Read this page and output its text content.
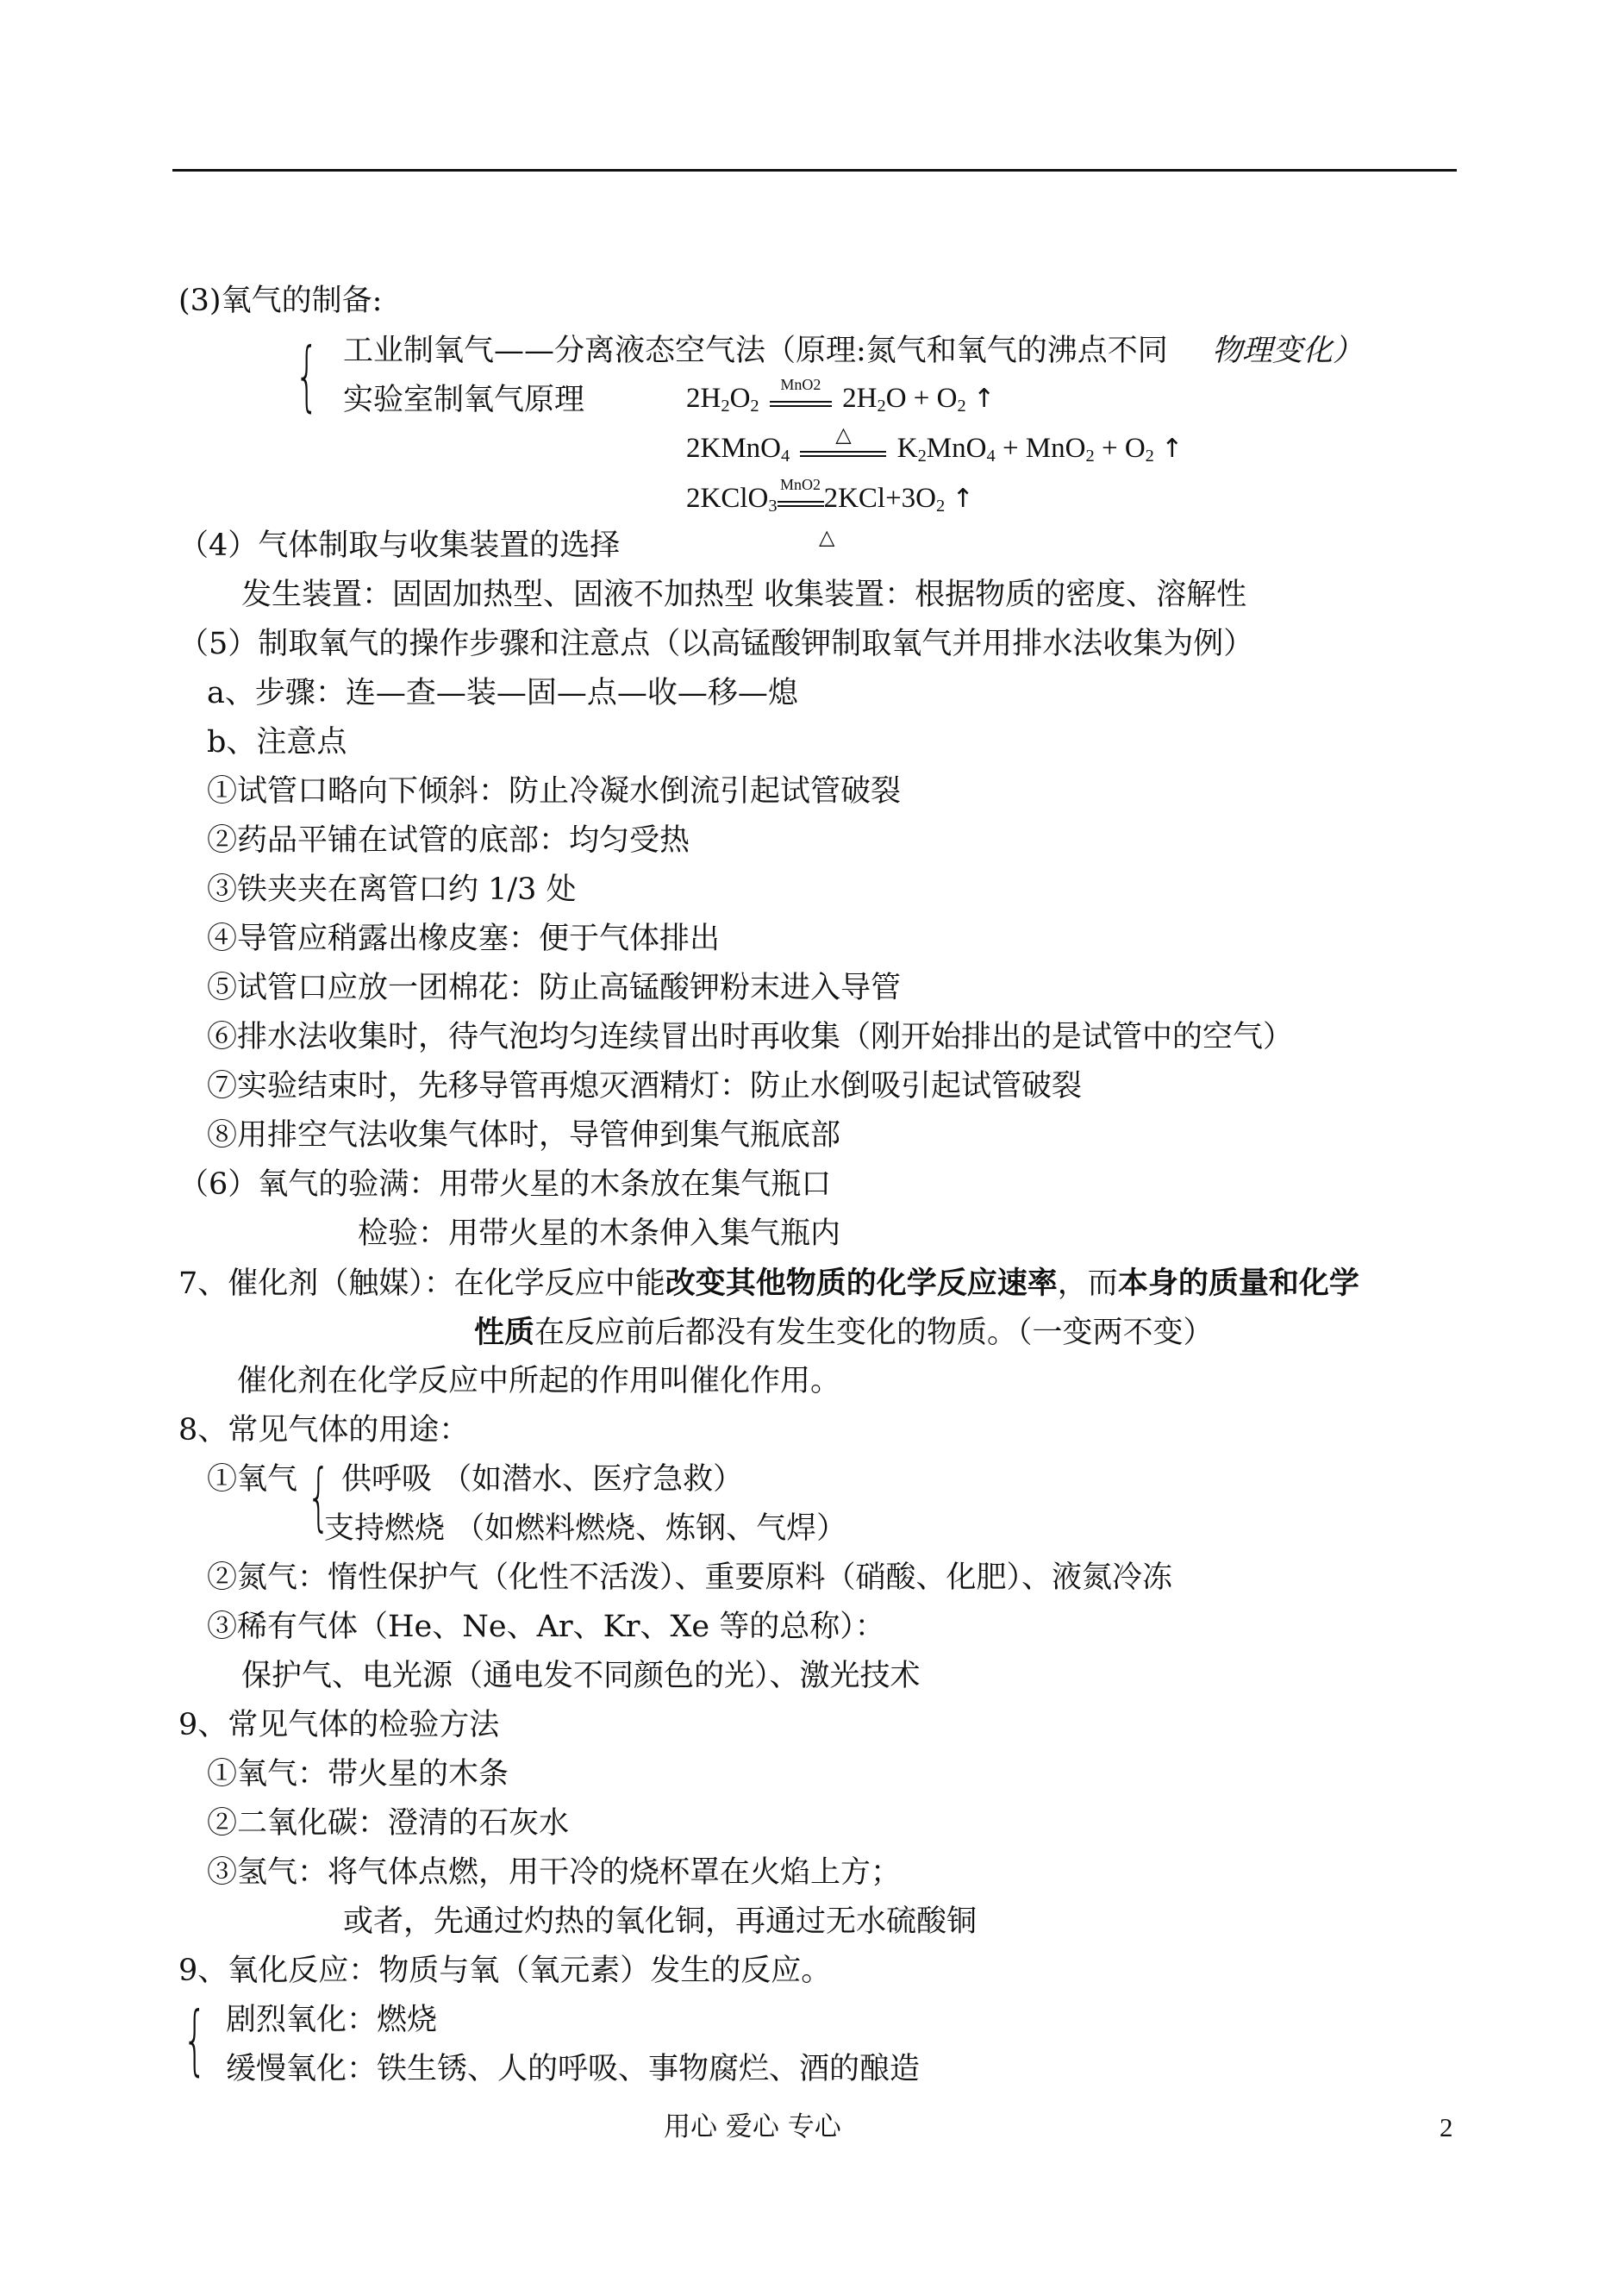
(3)氧气的制备:
{ 工业制氧气——分离液态空气法（原理:氮气和氧气的沸点不同 物理变化）
实验室制氧气原理	$2H_2O_2$
MnO2 $2H_2O + O_2$ ↑
2KMnO$_4$
△	$K_2MnO_4 + MnO_2 + O_2$ ↑
2KClO$_3$
MnO2 $2KCl+3O_2$ ↑
△
（4）气体制取与收集装置的选择
发生装置：固固加热型、固液不加热型 收集装置：根据物质的密度、溶解性
（5）制取氧气的操作步骤和注意点（以高锰酸钾制取氧气并用排水法收集为例）
a、步骤：连—查—装—固—点—收—移—熄
b、注意点
①试管口略向下倾斜：防止冷凝水倒流引起试管破裂
②药品平铺在试管的底部：均匀受热
③铁夹夹在离管口约 1/3 处
④导管应稍露出橡皮塞：便于气体排出
⑤试管口应放一团棉花：防止高锰酸钾粉末进入导管
⑥排水法收集时，待气泡均匀连续冒出时再收集（刚开始排出的是试管中的空气）
⑦实验结束时，先移导管再熄灭酒精灯：防止水倒吸引起试管破裂
⑧用排空气法收集气体时，导管伸到集气瓶底部
（6）氧气的验满：用带火星的木条放在集气瓶口
检验：用带火星的木条伸入集气瓶内
7、催化剂（触媒）：在化学反应中能改变其他物质的化学反应速率，而本身的质量和化学
性质在反应前后都没有发生变化的物质。（一变两不变）
催化剂在化学反应中所起的作用叫催化作用。
8、常见气体的用途：
①氧气 { 供呼吸 （如潜水、医疗急救）
支持燃烧 （如燃料燃烧、炼钢、气焊）
②氮气：惰性保护气（化性不活泼）、重要原料（硝酸、化肥）、液氮冷冻
③稀有气体（He、Ne、Ar、Kr、Xe 等的总称）：
保护气、电光源（通电发不同颜色的光）、激光技术
9、常见气体的检验方法
①氧气：带火星的木条
②二氧化碳：澄清的石灰水
③氢气：将气体点燃，用干冷的烧杯罩在火焰上方；
或者，先通过灼热的氧化铜，再通过无水硫酸铜
9、氧化反应：物质与氧（氧元素）发生的反应。
{ 剧烈氧化：燃烧
缓慢氧化：铁生锈、人的呼吸、事物腐烂、酒的酿造
用心 爱心 专心	2
